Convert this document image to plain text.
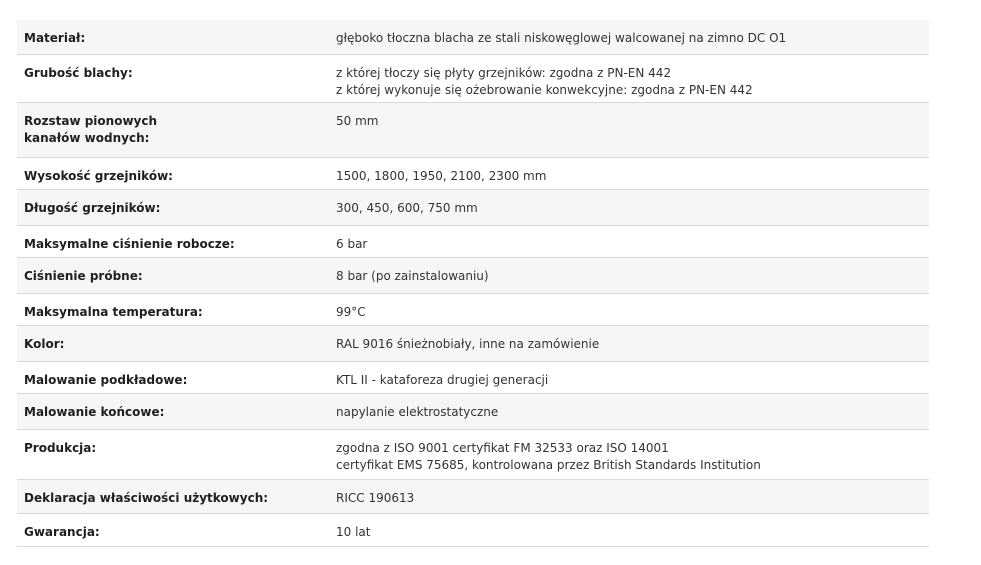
Materiał:	głęboko tłoczna blacha ze stali niskowęglowej walcowanej na zimno DC O1

Grubość blachy:	z której tłoczy się płyty grzejników: zgodna z PN-EN 442
z której wykonuje się ożebrowanie konwekcyjne: zgodna z PN-EN 442

Rozstaw pionowych
kanałów wodnych:	50 mm

Wysokość grzejników:	1500, 1800, 1950, 2100, 2300 mm

Długość grzejników:	300, 450, 600, 750 mm

Maksymalne ciśnienie robocze:	6 bar

Ciśnienie próbne:	8 bar (po zainstalowaniu)

Maksymalna temperatura:	99°C

Kolor:	RAL 9016 śnieżnobiały, inne na zamówienie

Malowanie podkładowe:	KTL II - kataforeza drugiej generacji

Malowanie końcowe:	napylanie elektrostatyczne

Produkcja:	zgodna z ISO 9001 certyfikat FM 32533 oraz ISO 14001
certyfikat EMS 75685, kontrolowana przez British Standards Institution

Deklaracja właściwości użytkowych:	RICC 190613

Gwarancja:	10 lat
